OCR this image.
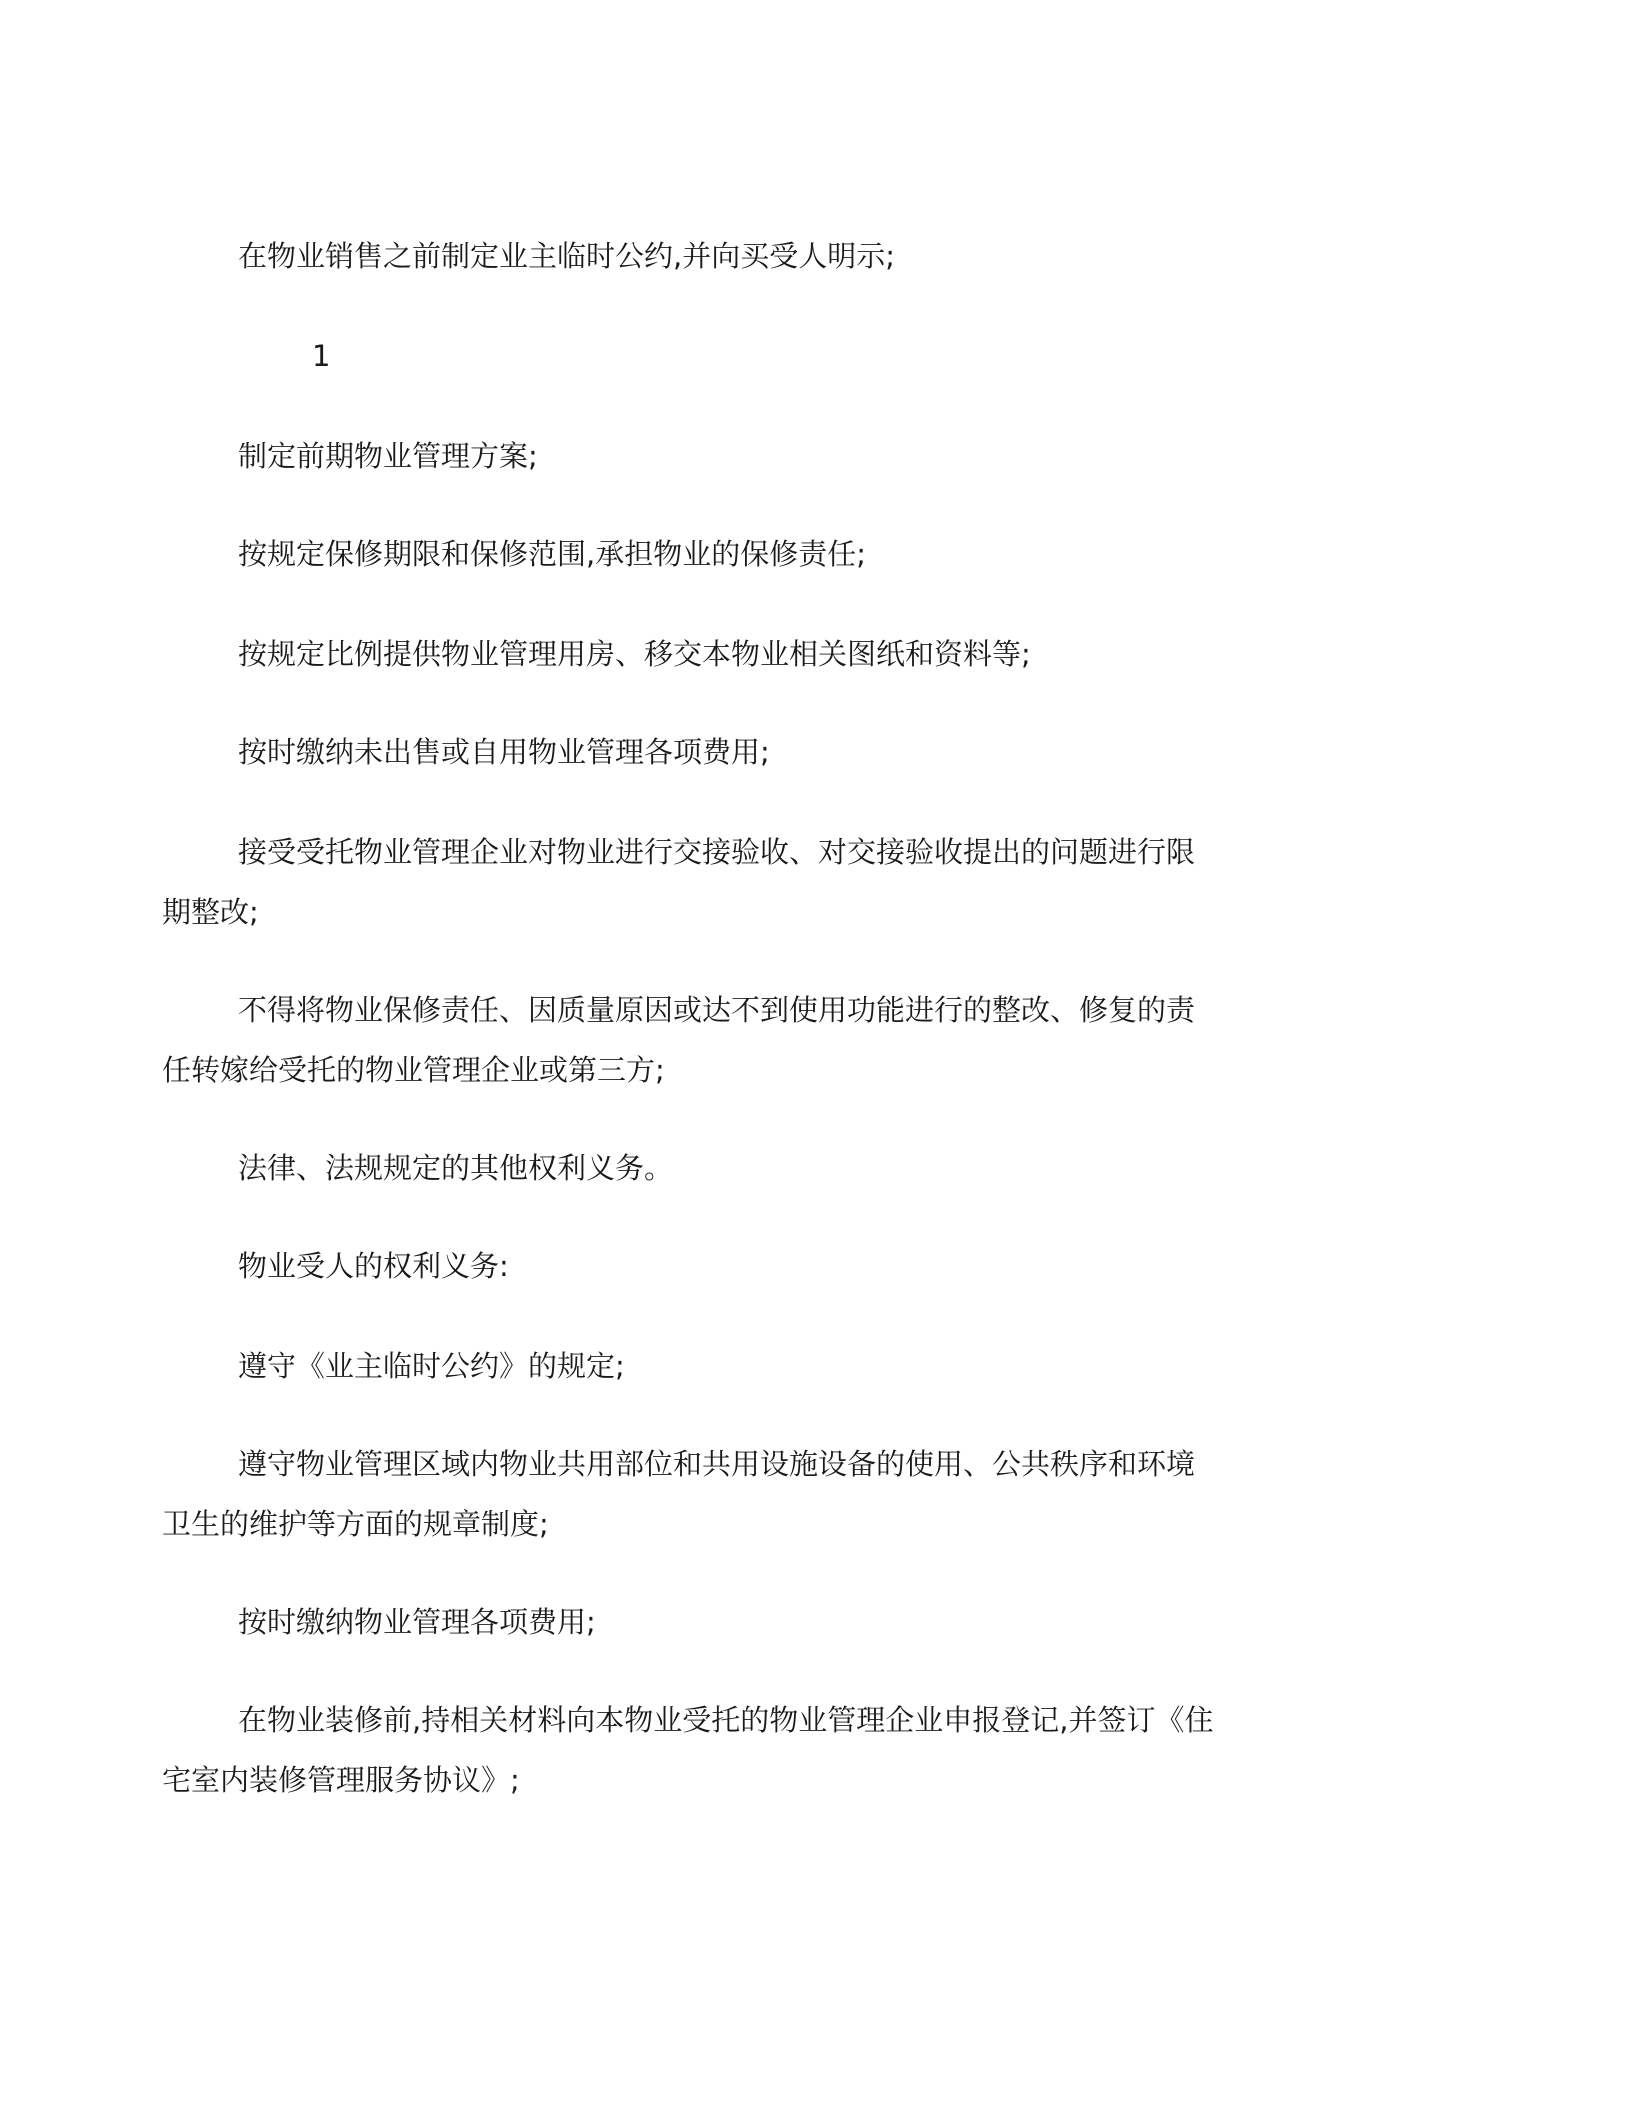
在物业销售之前制定业主临时公约,并向买受人明示;

1

制定前期物业管理方案;

按规定保修期限和保修范围,承担物业的保修责任;

按规定比例提供物业管理用房、移交本物业相关图纸和资料等;

按时缴纳未出售或自用物业管理各项费用;

接受受托物业管理企业对物业进行交接验收、对交接验收提出的问题进行限
期整改;
不得将物业保修责任、因质量原因或达不到使用功能进行的整改、修复的责
任转嫁给受托的物业管理企业或第三方;

法律、法规规定的其他权利义务。

物业受人的权利义务:

遵守《业主临时公约》的规定;

遵守物业管理区域内物业共用部位和共用设施设备的使用、公共秩序和环境
卫生的维护等方面的规章制度;

按时缴纳物业管理各项费用;

在物业装修前,持相关材料向本物业受托的物业管理企业申报登记,并签订《住
宅室内装修管理服务协议》;
